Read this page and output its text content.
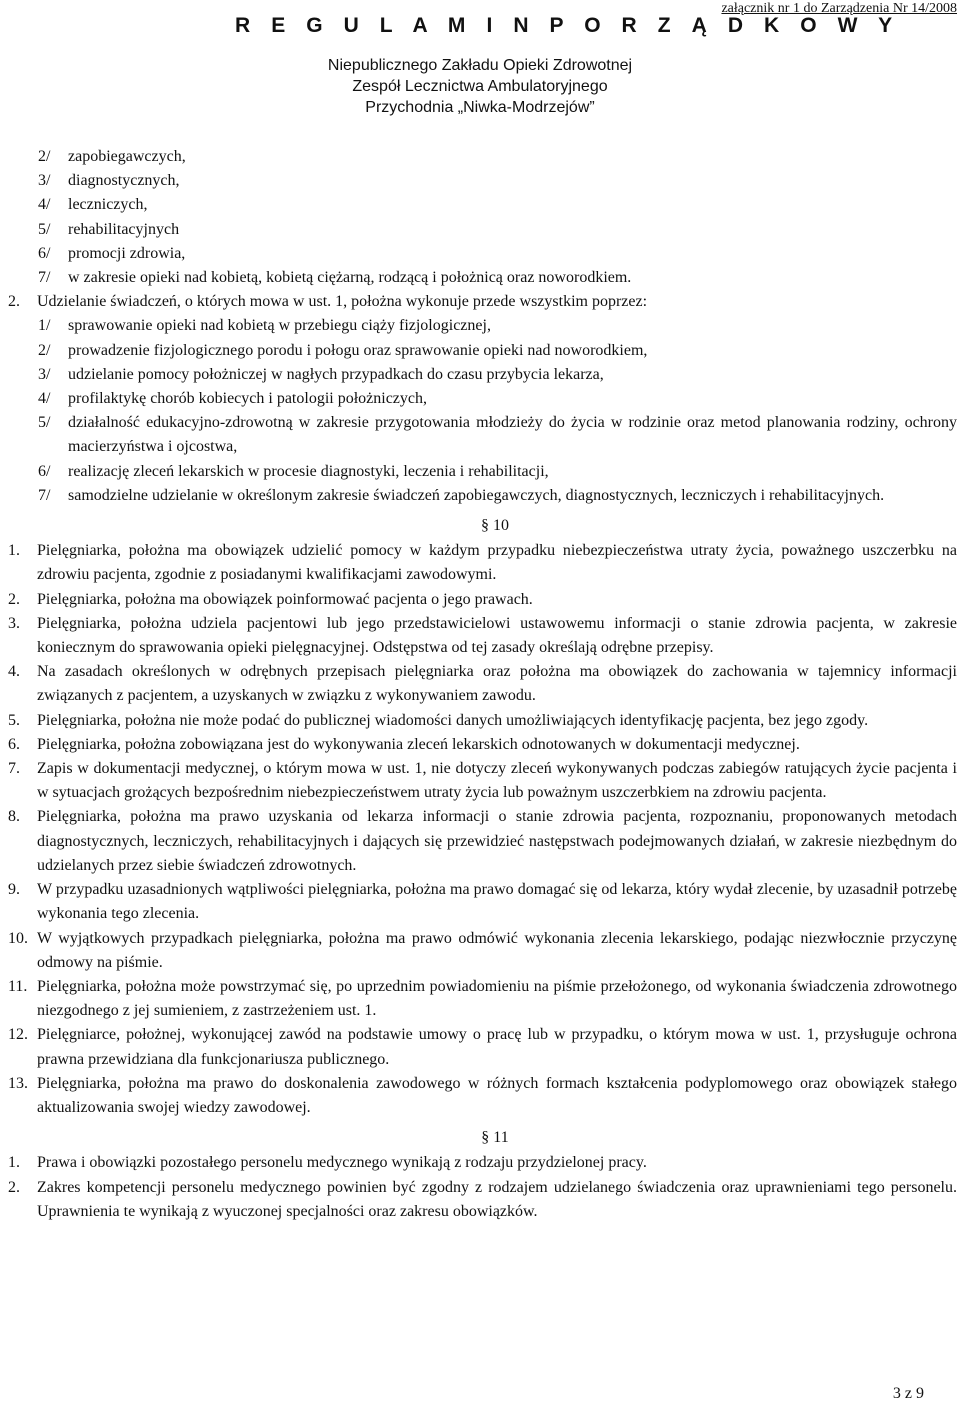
R E G U L A M I N P O R Z Ą D K O W Y
załącznik nr 1 do Zarządzenia Nr 14/2008
Niepublicznego Zakładu Opieki Zdrowotnej
Zespół Lecznictwa Ambulatoryjnego
Przychodnia „Niwka-Modrzejów”
2/ zapobiegawczych,
3/ diagnostycznych,
4/ leczniczych,
5/ rehabilitacyjnych
6/ promocji zdrowia,
7/ w zakresie opieki nad kobietą, kobietą ciężarną, rodzącą i położnicą oraz noworodkiem.
2. Udzielanie świadczeń, o których mowa w ust. 1, położna wykonuje przede wszystkim poprzez:
1/ sprawowanie opieki nad kobietą w przebiegu ciąży fizjologicznej,
2/ prowadzenie fizjologicznego porodu i połogu oraz sprawowanie opieki nad noworodkiem,
3/ udzielanie pomocy położniczej w nagłych przypadkach do czasu przybycia lekarza,
4/ profilaktykę chorób kobiecych i patologii położniczych,
5/ działalność edukacyjno-zdrowotną w zakresie przygotowania młodzieży do życia w rodzinie oraz metod planowania rodziny, ochrony macierzyństwa i ojcostwa,
6/ realizację zleceń lekarskich w procesie diagnostyki, leczenia i rehabilitacji,
7/ samodzielne udzielanie w określonym zakresie świadczeń zapobiegawczych, diagnostycznych, leczniczych i rehabilitacyjnych.
§ 10
1. Pielęgniarka, położna ma obowiązek udzielić pomocy w każdym przypadku niebezpieczeństwa utraty życia, poważnego uszczerbku na zdrowiu pacjenta, zgodnie z posiadanymi kwalifikacjami zawodowymi.
2. Pielęgniarka, położna ma obowiązek poinformować pacjenta o jego prawach.
3. Pielęgniarka, położna udziela pacjentowi lub jego przedstawicielowi ustawowemu informacji o stanie zdrowia pacjenta, w zakresie koniecznym do sprawowania opieki pielęgnacyjnej. Odstępstwa od tej zasady określają odrębne przepisy.
4. Na zasadach określonych w odrębnych przepisach pielęgniarka oraz położna ma obowiązek do zachowania w tajemnicy informacji związanych z pacjentem, a uzyskanych w związku z wykonywaniem zawodu.
5. Pielęgniarka, położna nie może podać do publicznej wiadomości danych umożliwiających identyfikację pacjenta, bez jego zgody.
6. Pielęgniarka, położna zobowiązana jest do wykonywania zleceń lekarskich odnotowanych w dokumentacji medycznej.
7. Zapis w dokumentacji medycznej, o którym mowa w ust. 1, nie dotyczy zleceń wykonywanych podczas zabiegów ratujących życie pacjenta i w sytuacjach grożących bezpośrednim niebezpieczeństwem utraty życia lub poważnym uszczerbkiem na zdrowiu pacjenta.
8. Pielęgniarka, położna ma prawo uzyskania od lekarza informacji o stanie zdrowia pacjenta, rozpoznaniu, proponowanych metodach diagnostycznych, leczniczych, rehabilitacyjnych i dających się przewidzieć następstwach podejmowanych działań, w zakresie niezbędnym do udzielanych przez siebie świadczeń zdrowotnych.
9. W przypadku uzasadnionych wątpliwości pielęgniarka, położna ma prawo domagać się od lekarza, który wydał zlecenie, by uzasadnił potrzebę wykonania tego zlecenia.
10. W wyjątkowych przypadkach pielęgniarka, położna ma prawo odmówić wykonania zlecenia lekarskiego, podając niezwłocznie przyczynę odmowy na piśmie.
11. Pielęgniarka, położna może powstrzymać się, po uprzednim powiadomieniu na piśmie przełożonego, od wykonania świadczenia zdrowotnego niezgodnego z jej sumieniem, z zastrzeżeniem ust. 1.
12. Pielęgniarce, położnej, wykonującej zawód na podstawie umowy o pracę lub w przypadku, o którym mowa w ust. 1, przysługuje ochrona prawna przewidziana dla funkcjonariusza publicznego.
13. Pielęgniarka, położna ma prawo do doskonalenia zawodowego w różnych formach kształcenia podyplomowego oraz obowiązek stałego aktualizowania swojej wiedzy zawodowej.
§ 11
1. Prawa i obowiązki pozostałego personelu medycznego wynikają z rodzaju przydzielonej pracy.
2. Zakres kompetencji personelu medycznego powinien być zgodny z rodzajem udzielanego świadczenia oraz uprawnieniami tego personelu. Uprawnienia te wynikają z wyuczonej specjalności oraz zakresu obowiązków.
3 z 9
